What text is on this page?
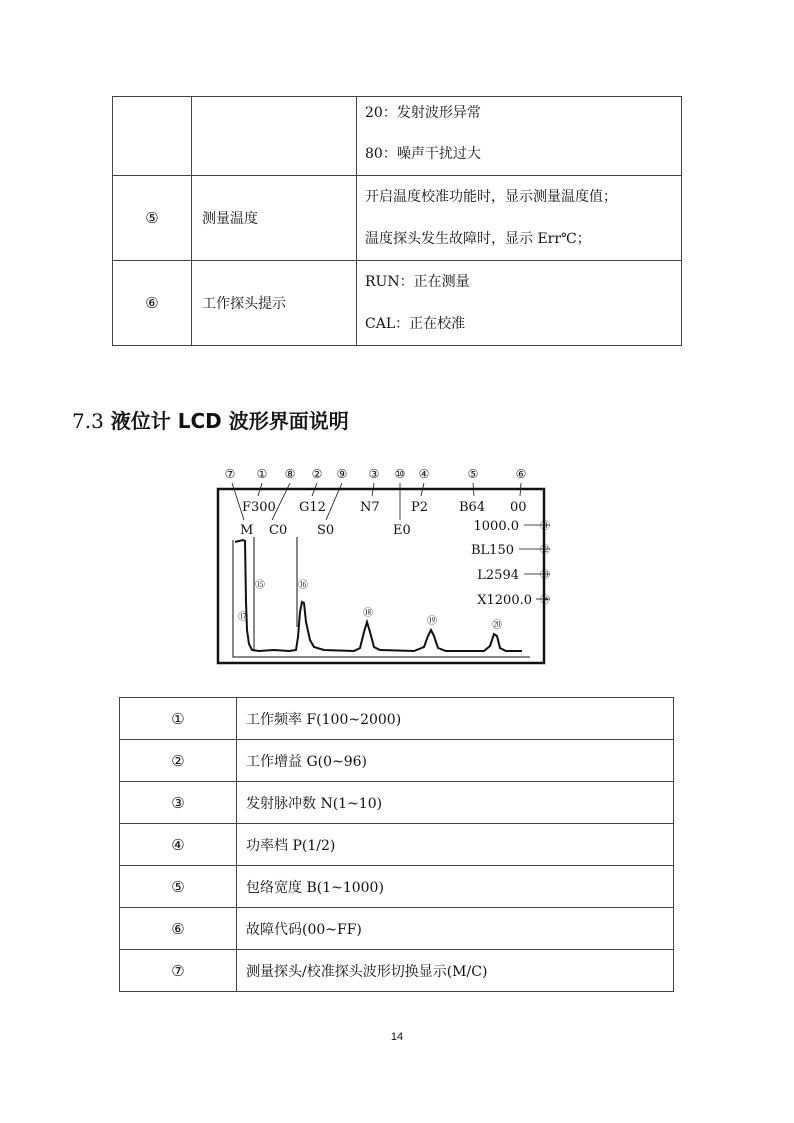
		20：发射波形异常
80：噪声干扰过大

⑤	测量温度	开启温度校准功能时，显示测量温度值；
温度探头发生故障时，显示 Err℃；

⑥	工作探头提示	RUN：正在测量
CAL：正在校准
7.3 液位计 LCD 波形界面说明
⑦ ① ⑧ ② ⑨ ③ ⑩ ④	⑤	⑥
F300 G12	N7 P2 B64 00
M C0 S0	E0	1000.0
BL150
L2594
X1200.0
⑮	⑯
⑰	⑱
⑲	⑳
⑪
⑫
⑬
⑭
①	工作频率 F(100~2000)
②	工作增益 G(0~96)
③	发射脉冲数 N(1~10)
④	功率档 P(1/2)
⑤	包络宽度 B(1~1000)
⑥	故障代码(00~FF)
⑦	测量探头/校准探头波形切换显示(M/C)
14
